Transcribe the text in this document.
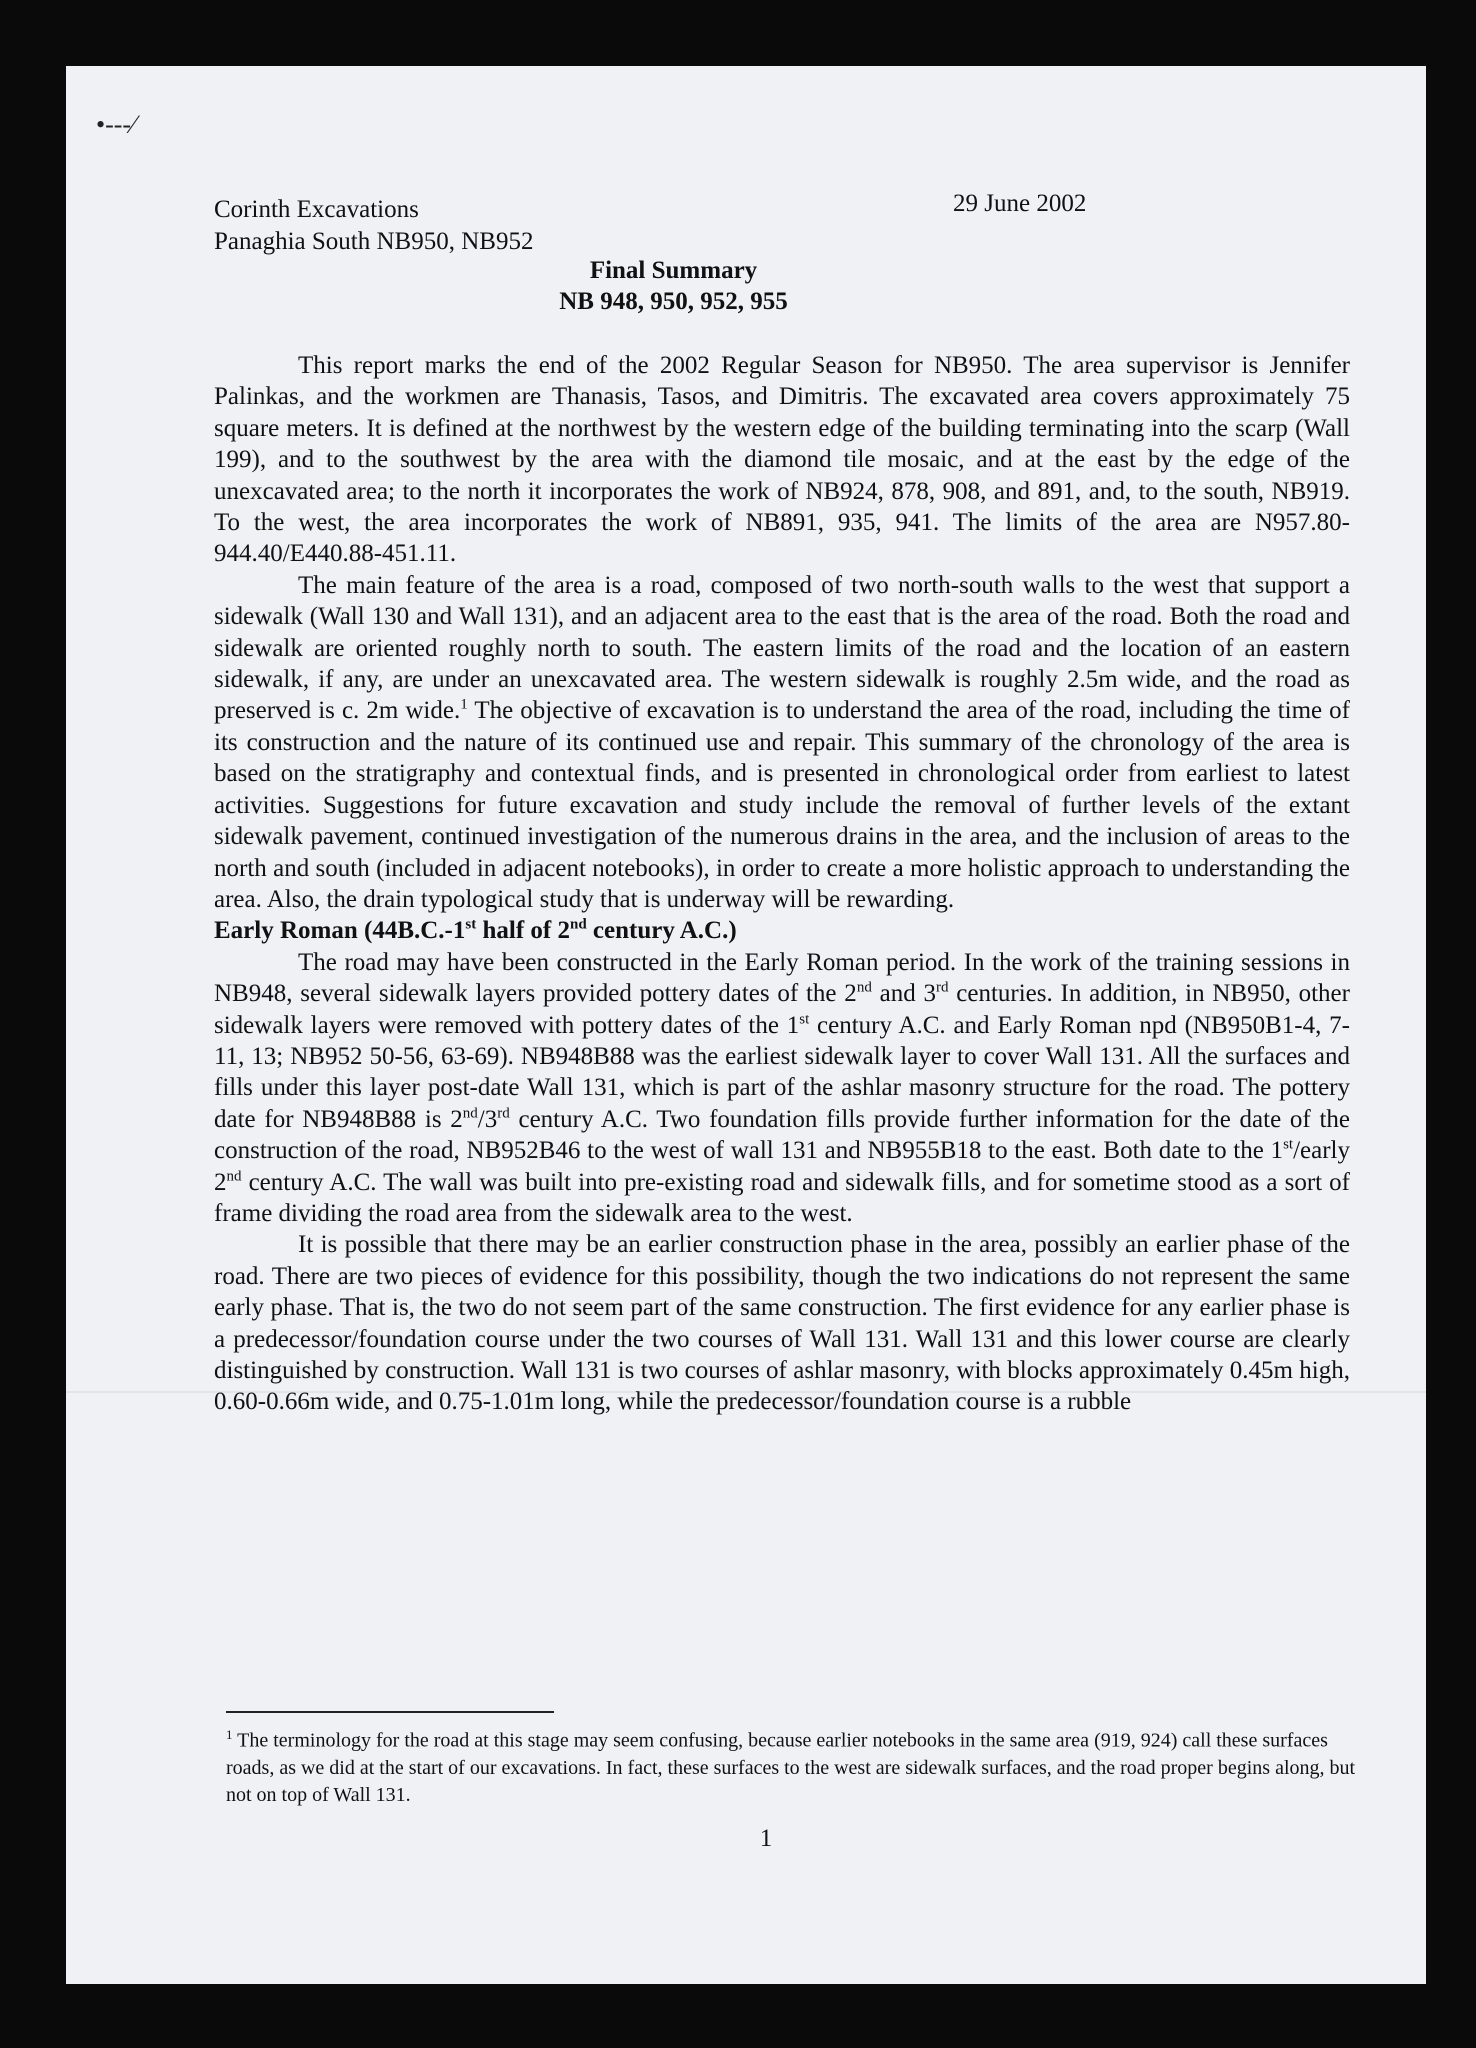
•‐‐‐⁄
Corinth Excavations
Panaghia South NB950, NB952
29 June 2002
Final Summary
NB 948, 950, 952, 955

This report marks the end of the 2002 Regular Season for NB950. The area supervisor is Jennifer Palinkas, and the workmen are Thanasis, Tasos, and Dimitris. The excavated area covers approximately 75 square meters. It is defined at the northwest by the western edge of the building terminating into the scarp (Wall 199), and to the southwest by the area with the diamond tile mosaic, and at the east by the edge of the unexcavated area; to the north it incorporates the work of NB924, 878, 908, and 891, and, to the south, NB919. To the west, the area incorporates the work of NB891, 935, 941. The limits of the area are N957.80-944.40/E440.88-451.11.

The main feature of the area is a road, composed of two north-south walls to the west that support a sidewalk (Wall 130 and Wall 131), and an adjacent area to the east that is the area of the road. Both the road and sidewalk are oriented roughly north to south. The eastern limits of the road and the location of an eastern sidewalk, if any, are under an unexcavated area. The western sidewalk is roughly 2.5m wide, and the road as preserved is c. 2m wide.$^1$ The objective of excavation is to understand the area of the road, including the time of its construction and the nature of its continued use and repair. This summary of the chronology of the area is based on the stratigraphy and contextual finds, and is presented in chronological order from earliest to latest activities. Suggestions for future excavation and study include the removal of further levels of the extant sidewalk pavement, continued investigation of the numerous drains in the area, and the inclusion of areas to the north and south (included in adjacent notebooks), in order to create a more holistic approach to understanding the area. Also, the drain typological study that is underway will be rewarding.

Early Roman (44B.C.-1st half of 2nd century A.C.)

The road may have been constructed in the Early Roman period. In the work of the training sessions in NB948, several sidewalk layers provided pottery dates of the 2nd and 3rd centuries. In addition, in NB950, other sidewalk layers were removed with pottery dates of the 1st century A.C. and Early Roman npd (NB950B1-4, 7-11, 13; NB952 50-56, 63-69). NB948B88 was the earliest sidewalk layer to cover Wall 131. All the surfaces and fills under this layer post-date Wall 131, which is part of the ashlar masonry structure for the road. The pottery date for NB948B88 is 2nd/3rd century A.C. Two foundation fills provide further information for the date of the construction of the road, NB952B46 to the west of wall 131 and NB955B18 to the east. Both date to the 1st/early 2nd century A.C. The wall was built into pre-existing road and sidewalk fills, and for sometime stood as a sort of frame dividing the road area from the sidewalk area to the west.

It is possible that there may be an earlier construction phase in the area, possibly an earlier phase of the road. There are two pieces of evidence for this possibility, though the two indications do not represent the same early phase. That is, the two do not seem part of the same construction. The first evidence for any earlier phase is a predecessor/foundation course under the two courses of Wall 131. Wall 131 and this lower course are clearly distinguished by construction. Wall 131 is two courses of ashlar masonry, with blocks approximately 0.45m high, 0.60-0.66m wide, and 0.75-1.01m long, while the predecessor/foundation course is a rubble

$^1$ The terminology for the road at this stage may seem confusing, because earlier notebooks in the same area (919, 924) call these surfaces roads, as we did at the start of our excavations. In fact, these surfaces to the west are sidewalk surfaces, and the road proper begins along, but not on top of Wall 131.
1
